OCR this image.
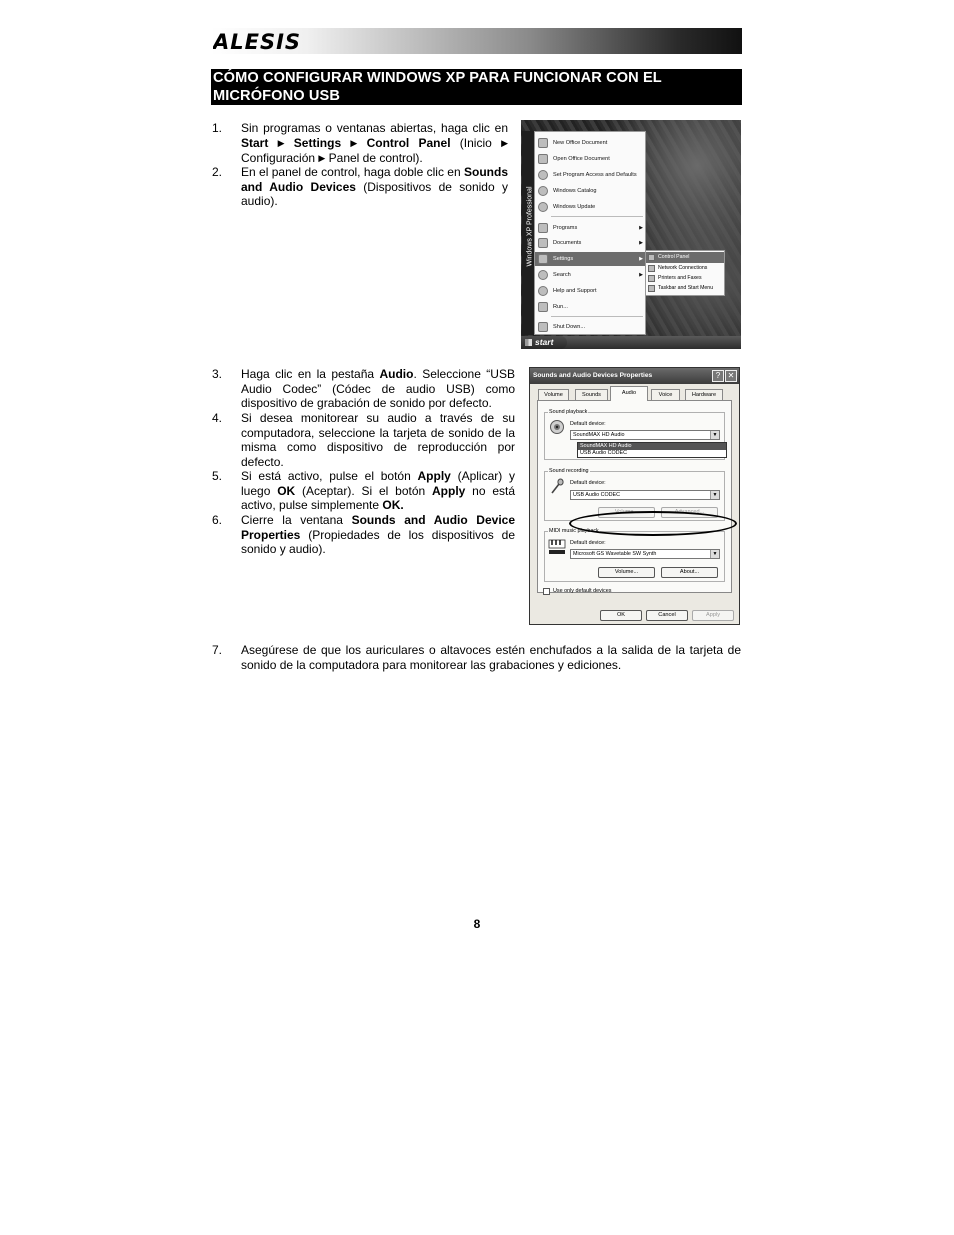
ALESIS
CÓMO CONFIGURAR WINDOWS XP PARA FUNCIONAR CON EL MICRÓFONO USB
1. Sin programas o ventanas abiertas, haga clic en Start ▶ Settings ▶ Control Panel (Inicio ▶ Configuración ▶ Panel de control).
2. En el panel de control, haga doble clic en Sounds and Audio Devices (Dispositivos de sonido y audio).	Windows XP Professional
New Office Document
Open Office Document
Set Program Access and Defaults
Windows Catalog
Windows Update
Programs	▶
Documents	▶
Settings	▶
Search	▶
Help and Support
Run...
Shut Down...
Control Panel
Network Connections
Printers and Faxes
Taskbar and Start Menu
start
3. Haga clic en la pestaña Audio. Seleccione “USB Audio Codec” (Códec de audio USB) como dispositivo de grabación de sonido por defecto.
4. Si desea monitorear su audio a través de su computadora, seleccione la tarjeta de sonido de la misma como dispositivo de reproducción por defecto.
5. Si está activo, pulse el botón Apply (Aplicar) y luego OK (Aceptar). Si el botón Apply no está activo, pulse simplemente OK.
6. Cierre la ventana Sounds and Audio Device Properties (Propiedades de los dispositivos de sonido y audio).
Sounds and Audio Devices Properties	? ✕
Volume	Sounds	Audio	Voice	Hardware
Sound playback
Default device:
SoundMAX HD Audio	▼
SoundMAX HD Audio
USB Audio CODEC
Sound recording
Default device:
USB Audio CODEC	▼
Volume...	Advanced...
MIDI music playback
Default device:
Microsoft GS Wavetable SW Synth	▼
Volume...	About...
Use only default devices
OK	Cancel	Apply
7. Asegúrese de que los auriculares o altavoces estén enchufados a la salida de la tarjeta de sonido de la computadora para monitorear las grabaciones y ediciones.
8
